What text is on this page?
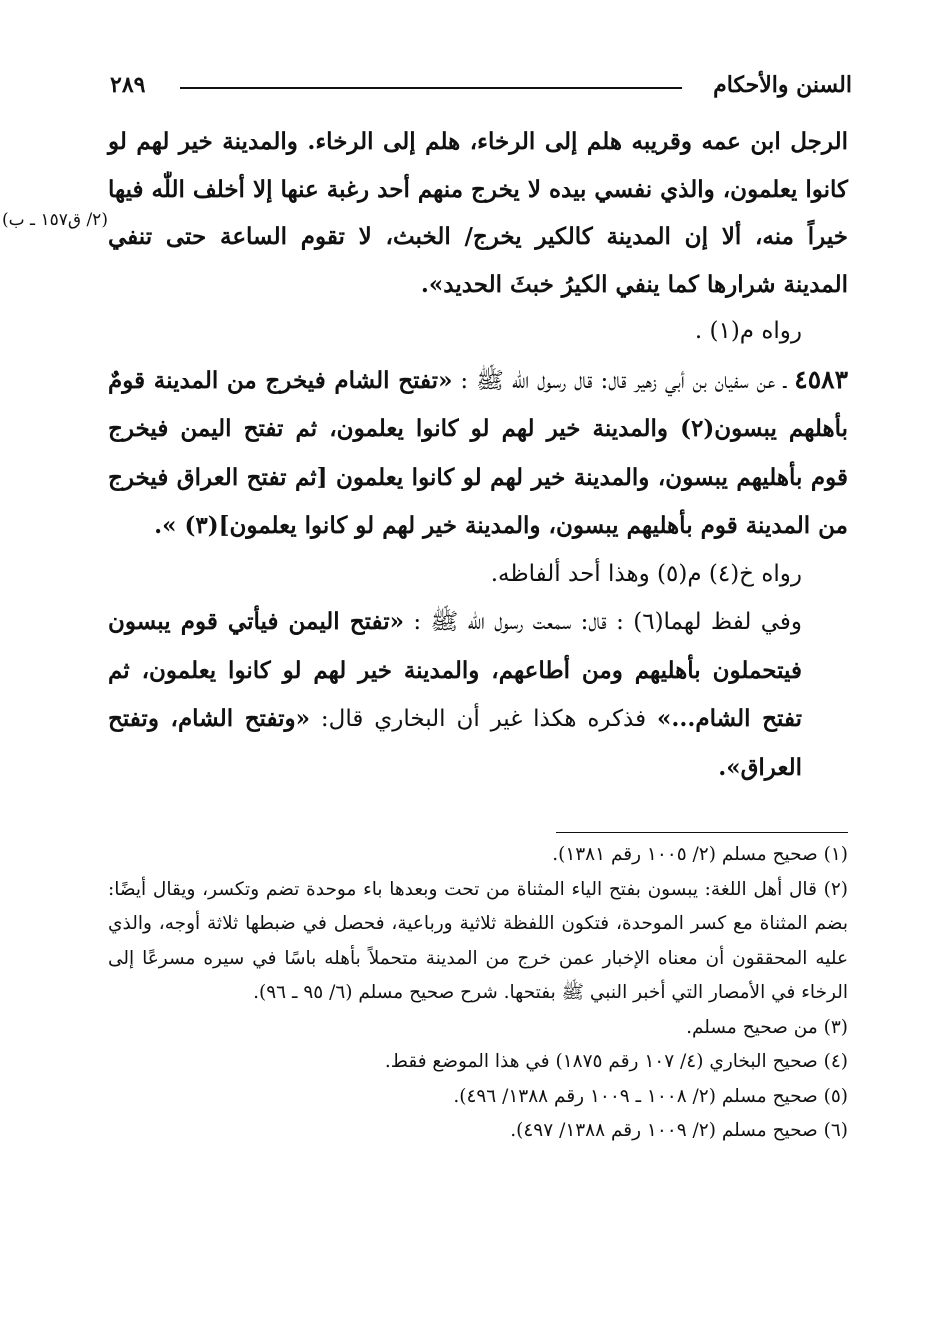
السنن والأحكام
٢٨٩
(٢/ ق١٥٧ ـ ب)

الرجل ابن عمه وقريبه هلم إلى الرخاء، هلم إلى الرخاء. والمدينة خير لهم لو كانوا يعلمون، والذي نفسي بيده لا يخرج منهم أحد رغبة عنها إلا أخلف اللّٰه فيها خيراً منه، ألا إن المدينة كالكير يخرج/ الخبث، لا تقوم الساعة حتى تنفي المدينة شرارها كما ينفي الكيرُ خبثَ الحديد».

رواه م(١) .

٤٥٨٣ ـ عن سفيان بن أبي زهير قال: قال رسول اللّٰه ﷺ : «تفتح الشام فيخرج من المدينة قومٌ بأهلهم يبسون(٢) والمدينة خير لهم لو كانوا يعلمون، ثم تفتح اليمن فيخرج قوم بأهليهم يبسون، والمدينة خير لهم لو كانوا يعلمون [ثم تفتح العراق فيخرج من المدينة قوم بأهليهم يبسون، والمدينة خير لهم لو كانوا يعلمون](٣) ».

رواه خ(٤) م(٥) وهذا أحد ألفاظه.

وفي لفظ لهما(٦) : قال: سمعت رسول اللّٰه ﷺ : «تفتح اليمن فيأتي قوم يبسون فيتحملون بأهليهم ومن أطاعهم، والمدينة خير لهم لو كانوا يعلمون، ثم تفتح الشام...» فذكره هكذا غير أن البخاري قال: «وتفتح الشام، وتفتح العراق».

(١) صحيح مسلم (٢/ ١٠٠٥ رقم ١٣٨١).

(٢) قال أهل اللغة: يبسون بفتح الياء المثناة من تحت وبعدها باء موحدة تضم وتكسر، ويقال أيضًا: بضم المثناة مع كسر الموحدة، فتكون اللفظة ثلاثية ورباعية، فحصل في ضبطها ثلاثة أوجه، والذي عليه المحققون أن معناه الإخبار عمن خرج من المدينة متحملاً بأهله باسًا في سيره مسرعًا إلى الرخاء في الأمصار التي أخبر النبي ﷺ بفتحها. شرح صحيح مسلم (٦/ ٩٥ ـ ٩٦).

(٣) من صحيح مسلم.

(٤) صحيح البخاري (٤/ ١٠٧ رقم ١٨٧٥) في هذا الموضع فقط.

(٥) صحيح مسلم (٢/ ١٠٠٨ ـ ١٠٠٩ رقم ١٣٨٨/ ٤٩٦).

(٦) صحيح مسلم (٢/ ١٠٠٩ رقم ١٣٨٨/ ٤٩٧).
